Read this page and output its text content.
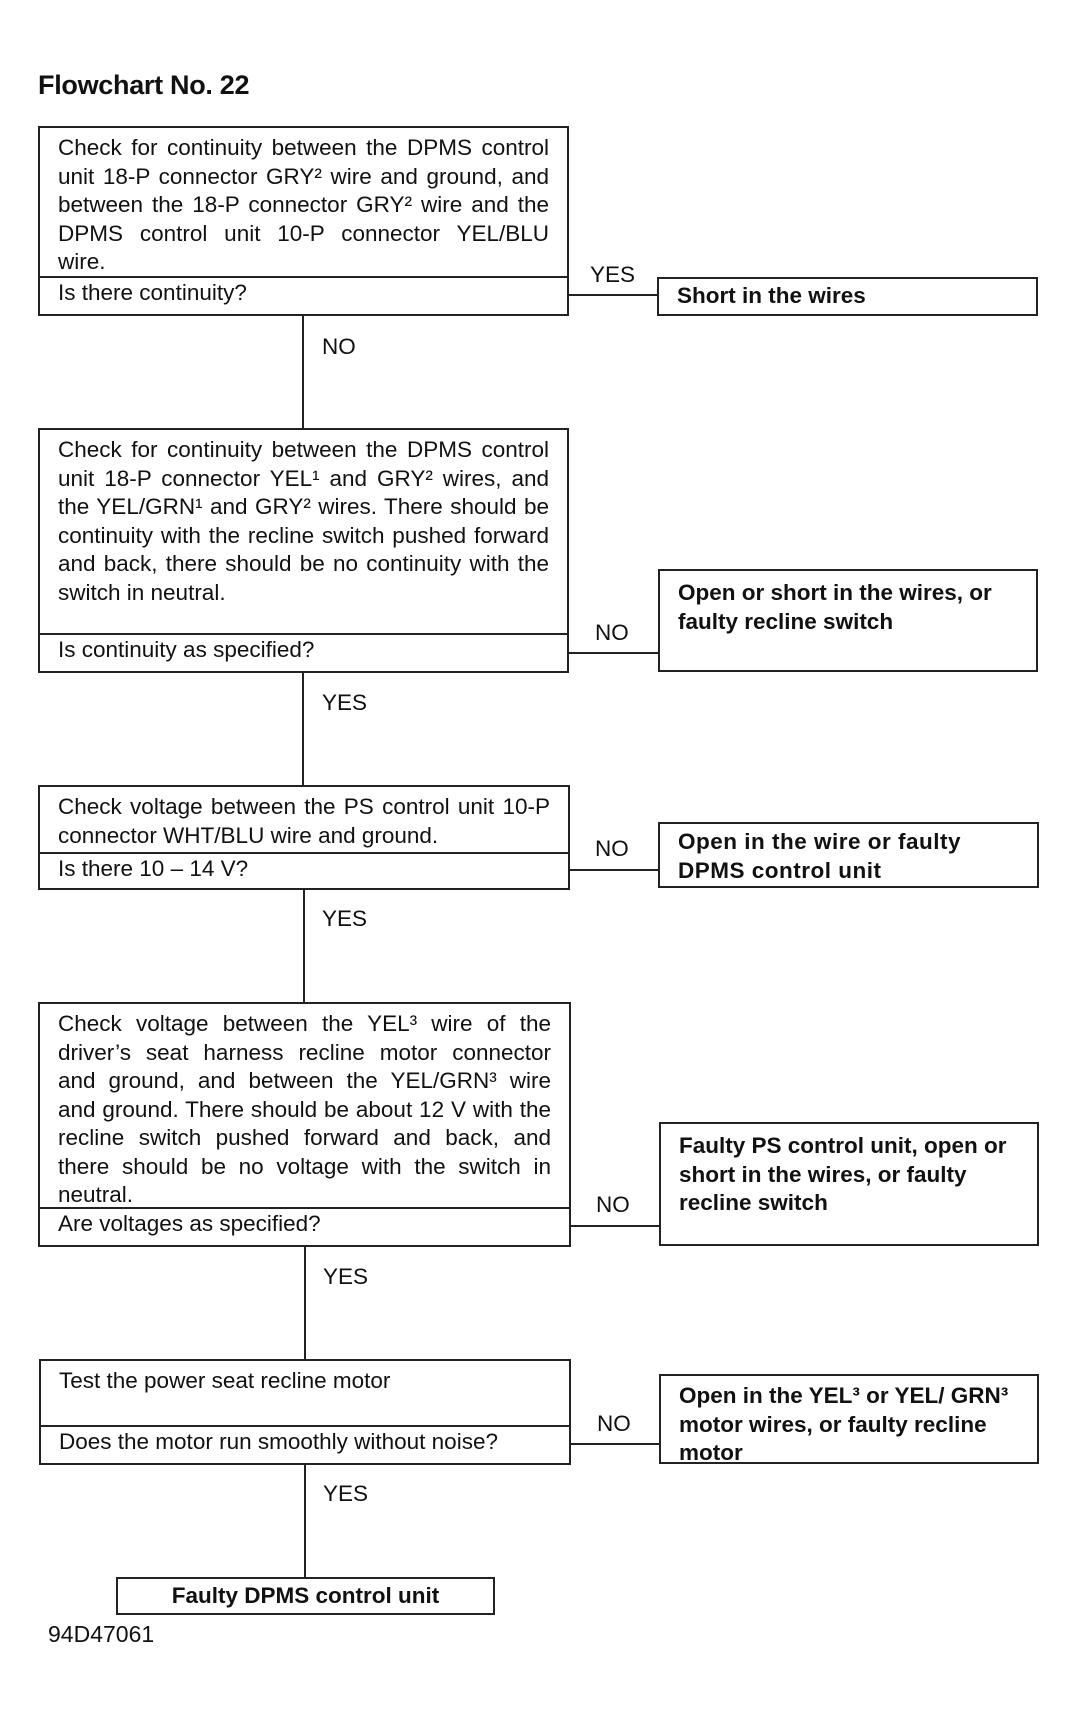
Flowchart No. 22
Check for continuity between the DPMS control unit 18-P connector GRY² wire and ground, and between the 18-P connector GRY² wire and the DPMS control unit 10-P connector YEL/BLU wire.
Is there continuity?
YES
Short in the wires
NO
Check for continuity between the DPMS control unit 18-P connector YEL¹ and GRY² wires, and the YEL/GRN¹ and GRY² wires. There should be continuity with the recline switch pushed forward and back, there should be no continuity with the switch in neutral.
Is continuity as specified?
NO
Open or short in the wires, or faulty recline switch
YES
Check voltage between the PS control unit 10-P connector WHT/BLU wire and ground.
Is there 10 – 14 V?
NO	Open in the wire or faulty DPMS control unit
YES
Check voltage between the YEL³ wire of the driver’s seat harness recline motor connector and ground, and between the YEL/GRN³ wire and ground. There should be about 12 V with the recline switch pushed forward and back, and there should be no voltage with the switch in neutral.
Are voltages as specified?
NO
Faulty PS control unit, open or short in the wires, or faulty recline switch
YES
Test the power seat recline motor
Does the motor run smoothly without noise?
NO
Open in the YEL³ or YEL/ GRN³ motor wires, or faulty recline motor
YES
Faulty DPMS control unit
94D47061
